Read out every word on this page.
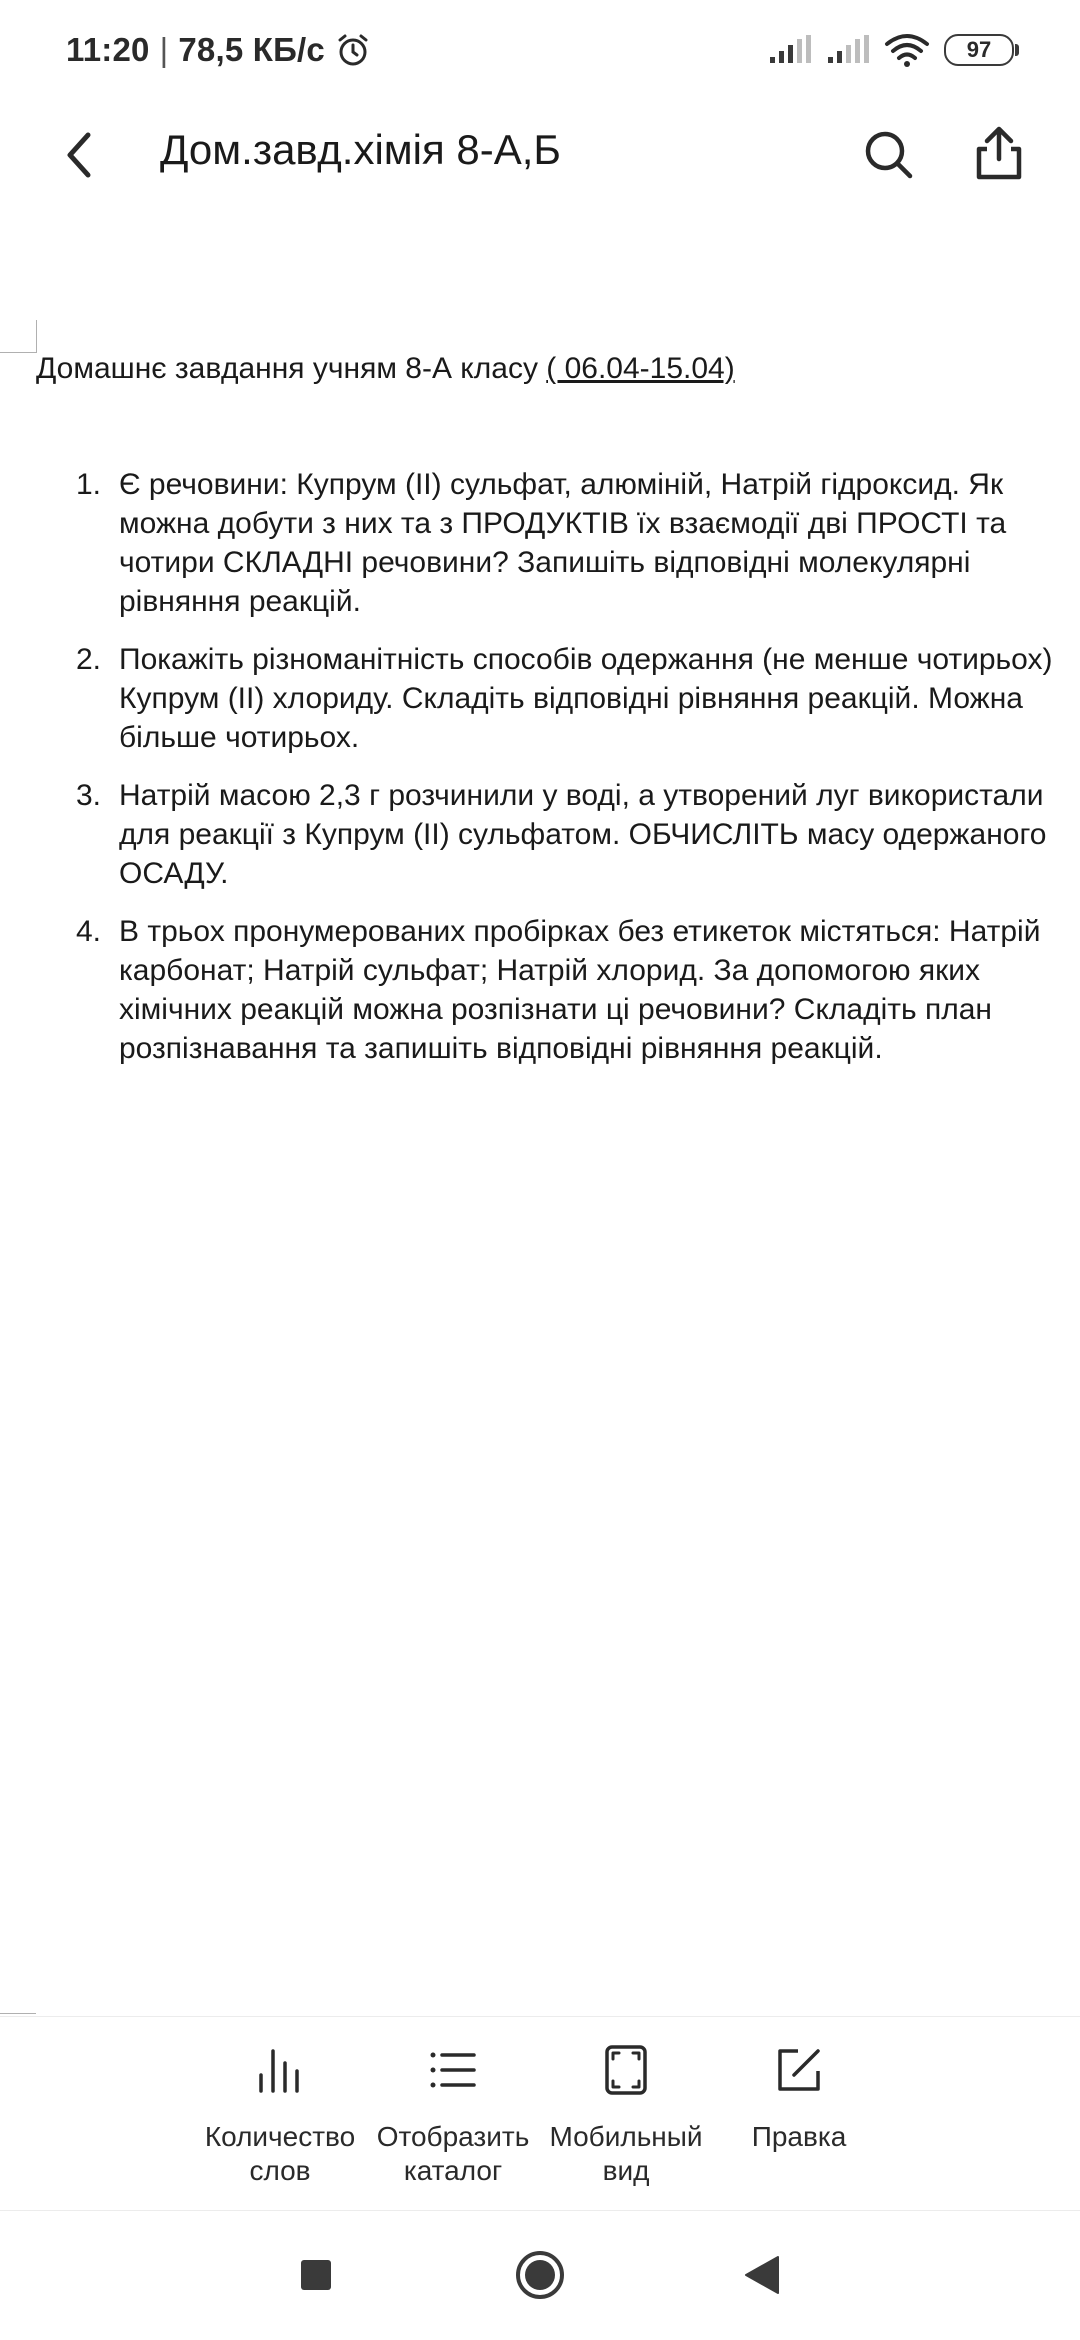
11:20 | 78,5 КБ/с	97
Дом.завд.хімія 8-А,Б
Домашнє завдання учням 8-А класу ( 06.04-15.04)
1. Є речовини: Купрум (ІІ) сульфат, алюміній, Натрій гідроксид. Як можна добути з них та з ПРОДУКТІВ їх взаємодії дві ПРОСТІ та чотири СКЛАДНІ речовини? Запишіть відповідні молекулярні рівняння реакцій.
2. Покажіть різноманітність способів одержання (не менше чотирьох) Купрум (ІІ) хлориду. Складіть відповідні рівняння реакцій. Можна більше чотирьох.
3. Натрій масою 2,3 г розчинили у воді, а утворений луг використали для реакції з Купрум (ІІ) сульфатом. ОБЧИСЛІТЬ масу одержаного ОСАДУ.
4. В трьох пронумерованих пробірках без етикеток містяться: Натрій карбонат; Натрій сульфат; Натрій хлорид. За допомогою яких хімічних реакцій можна розпізнати ці речовини? Складіть план розпізнавання та запишіть відповідні рівняння реакцій.
Количество
слов
Отобразить
каталог
Мобильный
вид
Правка
